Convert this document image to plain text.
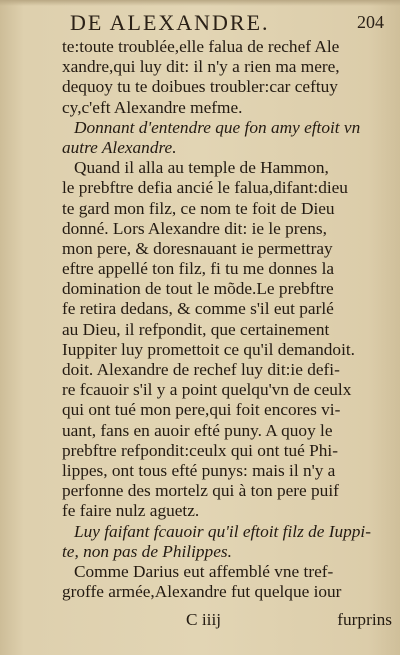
DE ALEXANDRE.	204
te:toute troublée,elle falua de rechef Ale
xandre,qui luy dit: il n'y a rien ma mere,
dequoy tu te doibues troubler:car ceftuy
cy,c'eft Alexandre mefme.
Donnant d'entendre que fon amy eftoit vn
autre Alexandre.
Quand il alla au temple de Hammon,
le prebftre defia ancié le falua,difant:dieu
te gard mon filz, ce nom te foit de Dieu
donné. Lors Alexandre dit: ie le prens,
mon pere, & doresnauant ie permettray
eftre appellé ton filz, fi tu me donnes la
domination de tout le mõde.Le prebftre
fe retira dedans, & comme s'il eut parlé
au Dieu, il refpondit, que certainement
Iuppiter luy promettoit ce qu'il demandoit.
doit. Alexandre de rechef luy dit:ie defi-
re fcauoir s'il y a point quelqu'vn de ceulx
qui ont tué mon pere,qui foit encores vi-
uant, fans en auoir efté puny. A quoy le
prebftre refpondit:ceulx qui ont tué Phi-
lippes, ont tous efté punys: mais il n'y a
perfonne des mortelz qui à ton pere puif
fe faire nulz aguetz.
Luy faifant fcauoir qu'il eftoit filz de Iuppi-
te, non pas de Philippes.
Comme Darius eut affemblé vne tref-
groffe armée,Alexandre fut quelque iour
C iiij	furprins
